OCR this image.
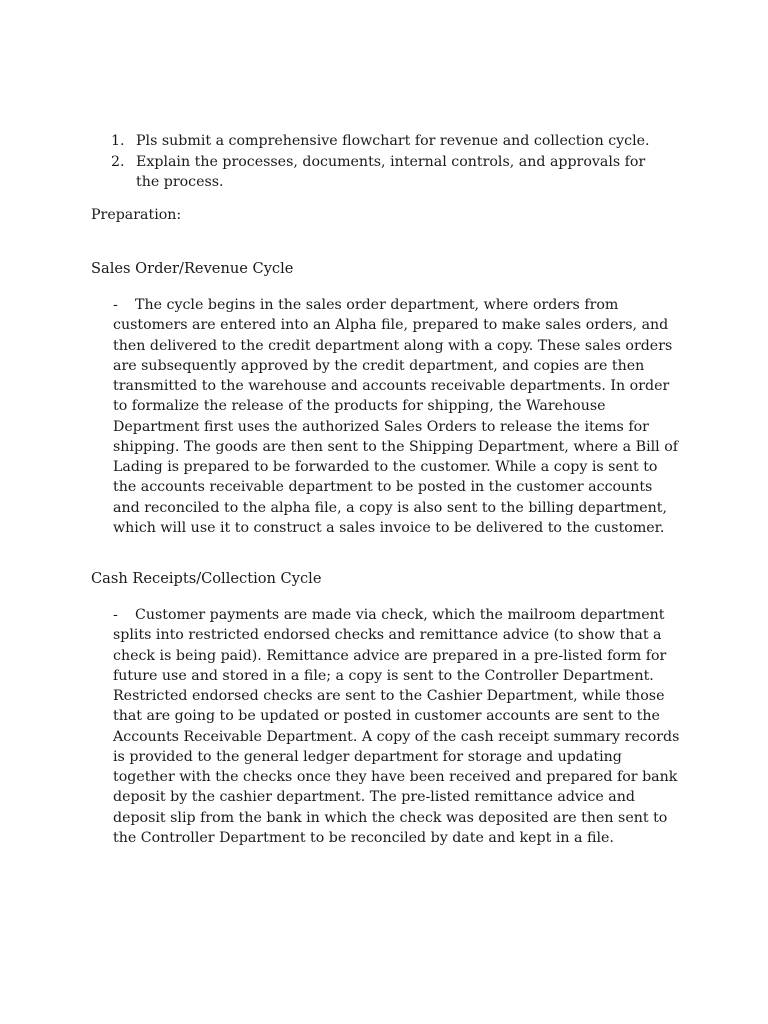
1. Pls submit a comprehensive flowchart for revenue and collection cycle.
2. Explain the processes, documents, internal controls, and approvals for the process.

Preparation:

Sales Order/Revenue Cycle

- The cycle begins in the sales order department, where orders from customers are entered into an Alpha file, prepared to make sales orders, and then delivered to the credit department along with a copy. These sales orders are subsequently approved by the credit department, and copies are then transmitted to the warehouse and accounts receivable departments. In order to formalize the release of the products for shipping, the Warehouse Department first uses the authorized Sales Orders to release the items for shipping. The goods are then sent to the Shipping Department, where a Bill of Lading is prepared to be forwarded to the customer. While a copy is sent to the accounts receivable department to be posted in the customer accounts and reconciled to the alpha file, a copy is also sent to the billing department, which will use it to construct a sales invoice to be delivered to the customer.

Cash Receipts/Collection Cycle

- Customer payments are made via check, which the mailroom department splits into restricted endorsed checks and remittance advice (to show that a check is being paid). Remittance advice are prepared in a pre-listed form for future use and stored in a file; a copy is sent to the Controller Department. Restricted endorsed checks are sent to the Cashier Department, while those that are going to be updated or posted in customer accounts are sent to the Accounts Receivable Department. A copy of the cash receipt summary records is provided to the general ledger department for storage and updating together with the checks once they have been received and prepared for bank deposit by the cashier department. The pre-listed remittance advice and deposit slip from the bank in which the check was deposited are then sent to the Controller Department to be reconciled by date and kept in a file.
